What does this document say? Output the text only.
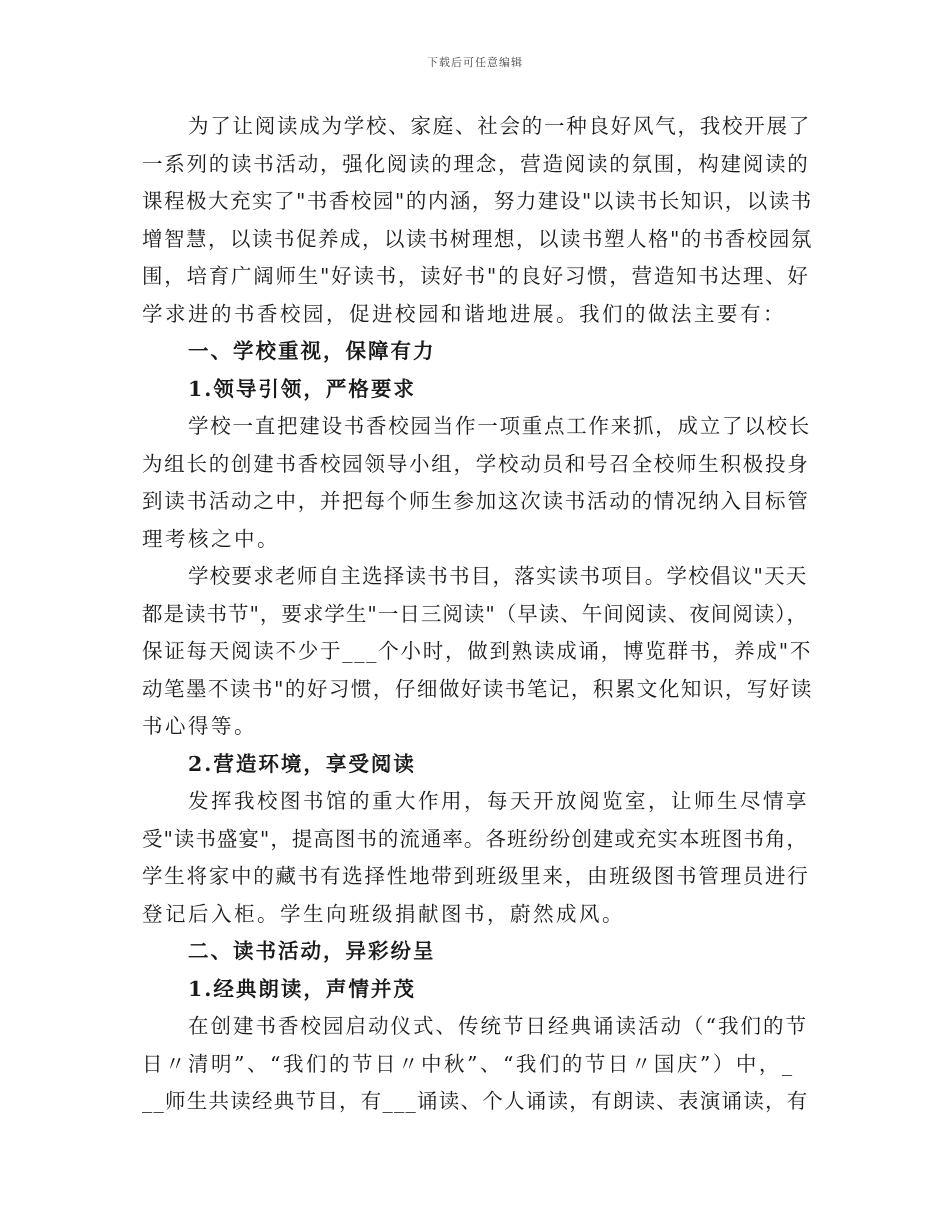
下载后可任意编辑
为了让阅读成为学校、家庭、社会的一种良好风气，我校开展了
一系列的读书活动，强化阅读的理念，营造阅读的氛围，构建阅读的
课程极大充实了"书香校园"的内涵，努力建设"以读书长知识，以读书
增智慧，以读书促养成，以读书树理想，以读书塑人格"的书香校园氛
围，培育广阔师生"好读书，读好书"的良好习惯，营造知书达理、好
学求进的书香校园，促进校园和谐地进展。我们的做法主要有：
一、学校重视，保障有力
1.领导引领，严格要求
学校一直把建设书香校园当作一项重点工作来抓，成立了以校长
为组长的创建书香校园领导小组，学校动员和号召全校师生积极投身
到读书活动之中，并把每个师生参加这次读书活动的情况纳入目标管
理考核之中。
学校要求老师自主选择读书书目，落实读书项目。学校倡议"天天
都是读书节"，要求学生"一日三阅读"（早读、午间阅读、夜间阅读），
保证每天阅读不少于___个小时，做到熟读成诵，博览群书，养成"不
动笔墨不读书"的好习惯，仔细做好读书笔记，积累文化知识，写好读
书心得等。
2.营造环境，享受阅读
发挥我校图书馆的重大作用，每天开放阅览室，让师生尽情享
受"读书盛宴"，提高图书的流通率。各班纷纷创建或充实本班图书角，
学生将家中的藏书有选择性地带到班级里来，由班级图书管理员进行
登记后入柜。学生向班级捐献图书，蔚然成风。
二、读书活动，异彩纷呈
1.经典朗读，声情并茂
在创建书香校园启动仪式、传统节日经典诵读活动（“我们的节
日〃清明”、“我们的节日〃中秋”、“我们的节日〃国庆”）中，_
__师生共读经典节目，有___诵读、个人诵读，有朗读、表演诵读，有
